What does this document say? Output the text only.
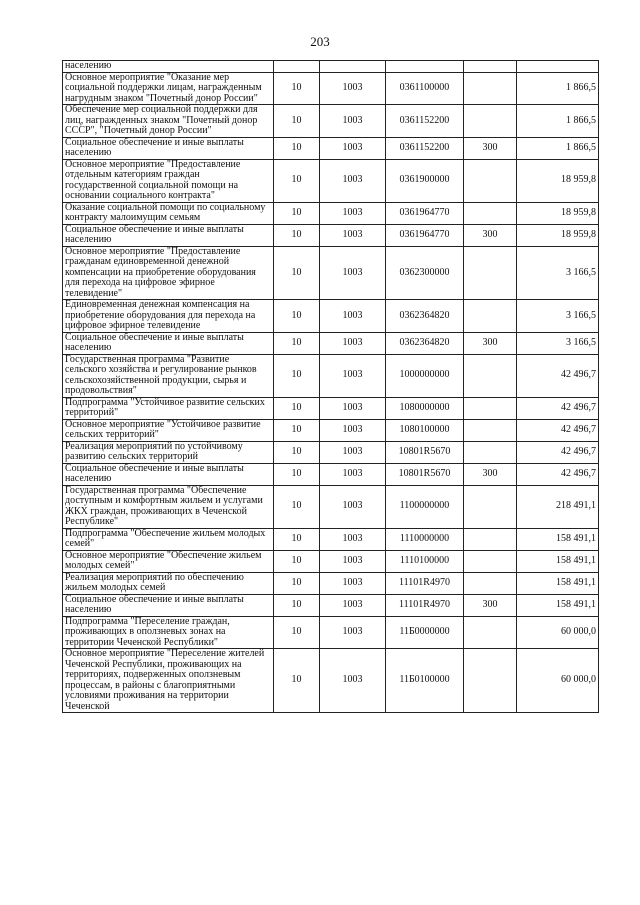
203
населению					
Основное мероприятие "Оказание мер социальной поддержки лицам, награжденным нагрудным знаком "Почетный донор России"	10	1003	0361100000		1 866,5
Обеспечение мер социальной поддержки для лиц, награжденных знаком "Почетный донор СССР", "Почетный донор России"	10	1003	0361152200		1 866,5
Социальное обеспечение и иные выплаты населению	10	1003	0361152200	300	1 866,5
Основное мероприятие "Предоставление отдельным категориям граждан государственной социальной помощи на основании социального контракта"	10	1003	0361900000		18 959,8
Оказание социальной помощи по социальному контракту малоимущим семьям	10	1003	0361964770		18 959,8
Социальное обеспечение и иные выплаты населению	10	1003	0361964770	300	18 959,8
Основное мероприятие "Предоставление гражданам единовременной денежной компенсации на приобретение оборудования для перехода на цифровое эфирное телевидение"	10	1003	0362300000		3 166,5
Единовременная денежная компенсация на приобретение оборудования для перехода на цифровое эфирное телевидение	10	1003	0362364820		3 166,5
Социальное обеспечение и иные выплаты населению	10	1003	0362364820	300	3 166,5
Государственная программа "Развитие сельского хозяйства и регулирование рынков сельскохозяйственной продукции, сырья и продовольствия"	10	1003	1000000000		42 496,7
Подпрограмма "Устойчивое развитие сельских территорий"	10	1003	1080000000		42 496,7
Основное мероприятие "Устойчивое развитие сельских территорий"	10	1003	1080100000		42 496,7
Реализация мероприятий по устойчивому развитию сельских территорий	10	1003	10801R5670		42 496,7
Социальное обеспечение и иные выплаты населению	10	1003	10801R5670	300	42 496,7
Государственная программа "Обеспечение доступным и комфортным жильем и услугами ЖКХ граждан, проживающих в Чеченской Республике"	10	1003	1100000000		218 491,1
Подпрограмма "Обеспечение жильем молодых семей"	10	1003	1110000000		158 491,1
Основное мероприятие "Обеспечение жильем молодых семей"	10	1003	1110100000		158 491,1
Реализация мероприятий по обеспечению жильем молодых семей	10	1003	11101R4970		158 491,1
Социальное обеспечение и иные выплаты населению	10	1003	11101R4970	300	158 491,1
Подпрограмма "Переселение граждан, проживающих в оползневых зонах на территории Чеченской Республики"	10	1003	11Б0000000		60 000,0
Основное мероприятие "Переселение жителей Чеченской Республики, проживающих на территориях, подверженных оползневым процессам, в районы с благоприятными условиями проживания на территории Чеченской	10	1003	11Б0100000		60 000,0
